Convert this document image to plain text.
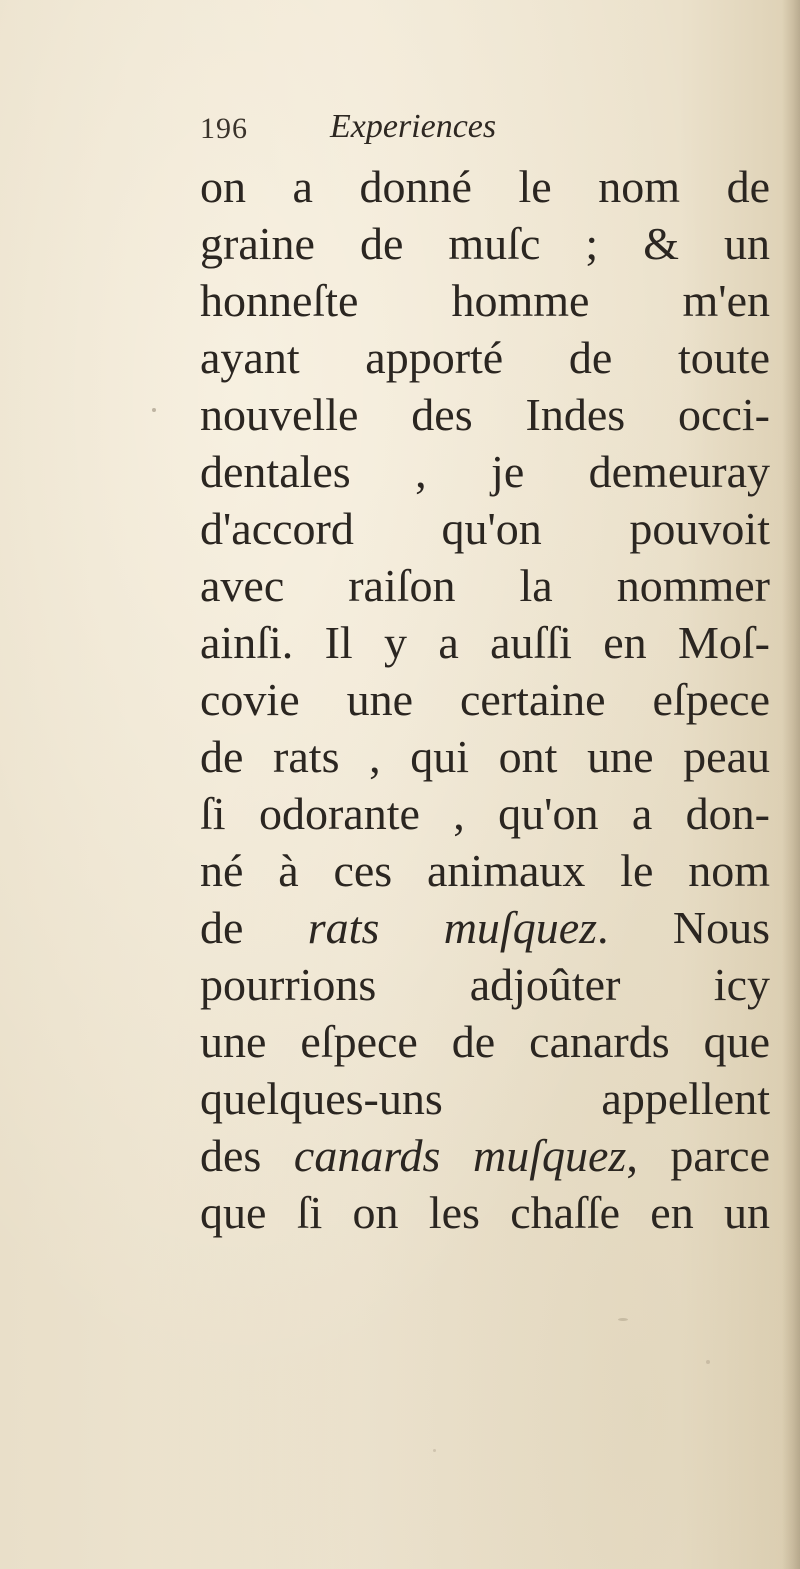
196 Experiences
on a donné le nom de
graine de muſc ; & un
honneſte homme m'en
ayant apporté de toute
nouvelle des Indes occi-
dentales , je demeuray
d'accord qu'on pouvoit
avec raiſon la nommer
ainſi. Il y a auſſi en Moſ-
covie une certaine eſpece
de rats , qui ont une peau
ſi odorante , qu'on a don-
né à ces animaux le nom
de rats muſquez. Nous
pourrions adjoûter icy
une eſpece de canards que
quelques-uns appellent
des canards muſquez, parce
que ſi on les chaſſe en un
